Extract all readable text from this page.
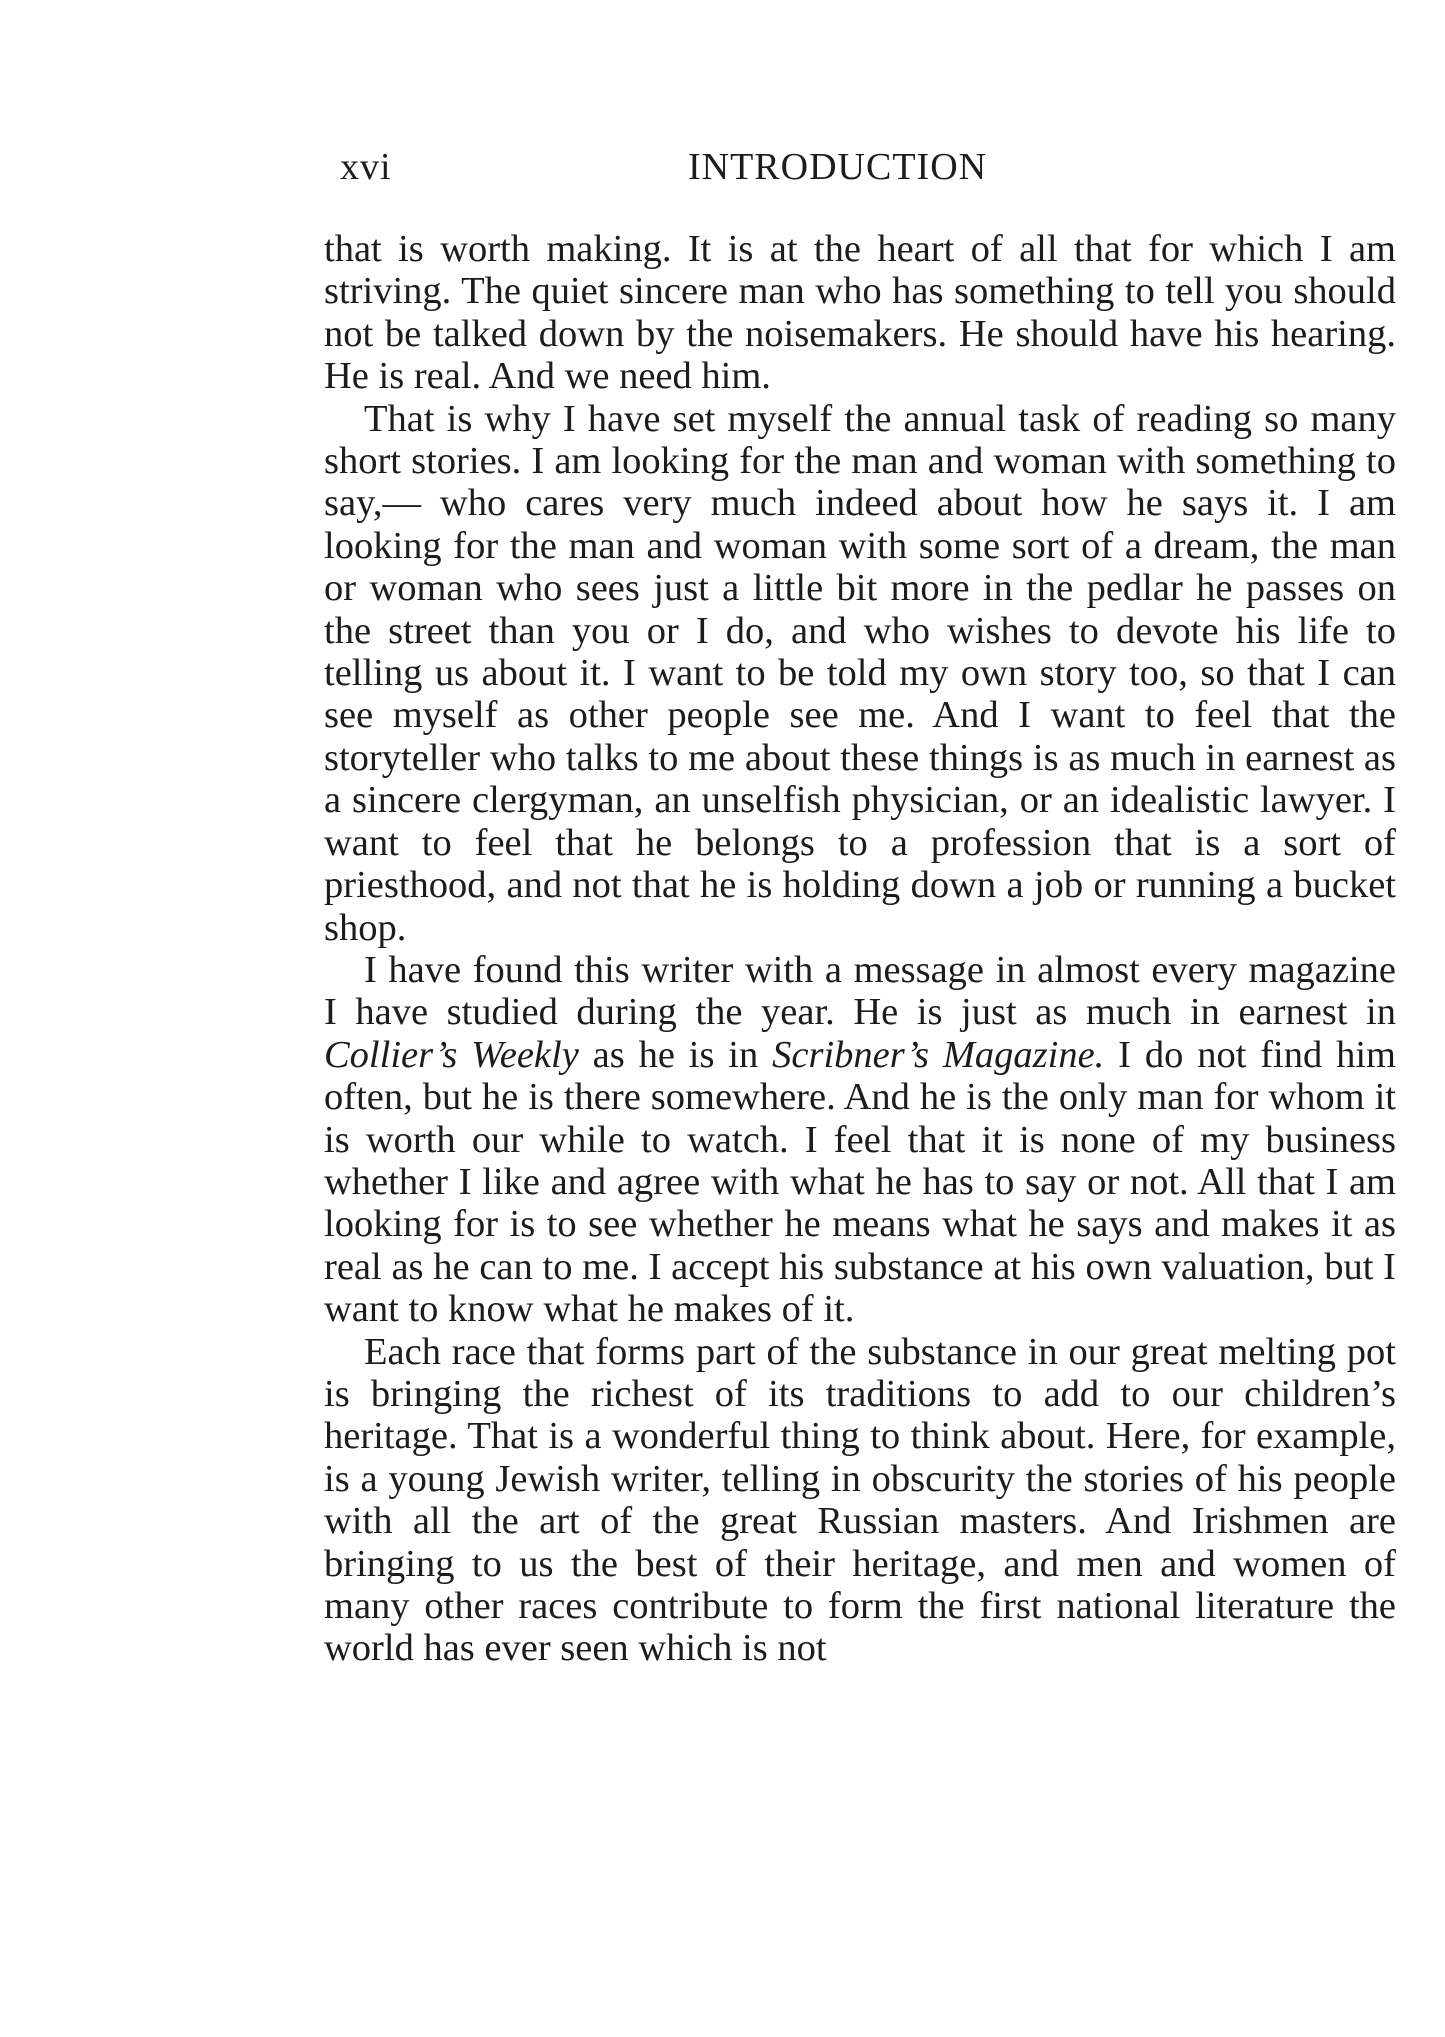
xvi	INTRODUCTION

that is worth making. It is at the heart of all that for which I am striving. The quiet sincere man who has something to tell you should not be talked down by the noisemakers. He should have his hearing. He is real. And we need him.

That is why I have set myself the annual task of reading so many short stories. I am looking for the man and woman with something to say,— who cares very much indeed about how he says it. I am looking for the man and woman with some sort of a dream, the man or woman who sees just a little bit more in the pedlar he passes on the street than you or I do, and who wishes to devote his life to telling us about it. I want to be told my own story too, so that I can see myself as other people see me. And I want to feel that the storyteller who talks to me about these things is as much in earnest as a sincere clergyman, an unselfish physician, or an idealistic lawyer. I want to feel that he belongs to a profession that is a sort of priesthood, and not that he is holding down a job or running a bucket shop.

I have found this writer with a message in almost every magazine I have studied during the year. He is just as much in earnest in Collier’s Weekly as he is in Scribner’s Magazine. I do not find him often, but he is there somewhere. And he is the only man for whom it is worth our while to watch. I feel that it is none of my business whether I like and agree with what he has to say or not. All that I am looking for is to see whether he means what he says and makes it as real as he can to me. I accept his substance at his own valuation, but I want to know what he makes of it.

Each race that forms part of the substance in our great melting pot is bringing the richest of its traditions to add to our children’s heritage. That is a wonderful thing to think about. Here, for example, is a young Jewish writer, telling in obscurity the stories of his people with all the art of the great Russian masters. And Irishmen are bringing to us the best of their heritage, and men and women of many other races contribute to form the first national literature the world has ever seen which is not
